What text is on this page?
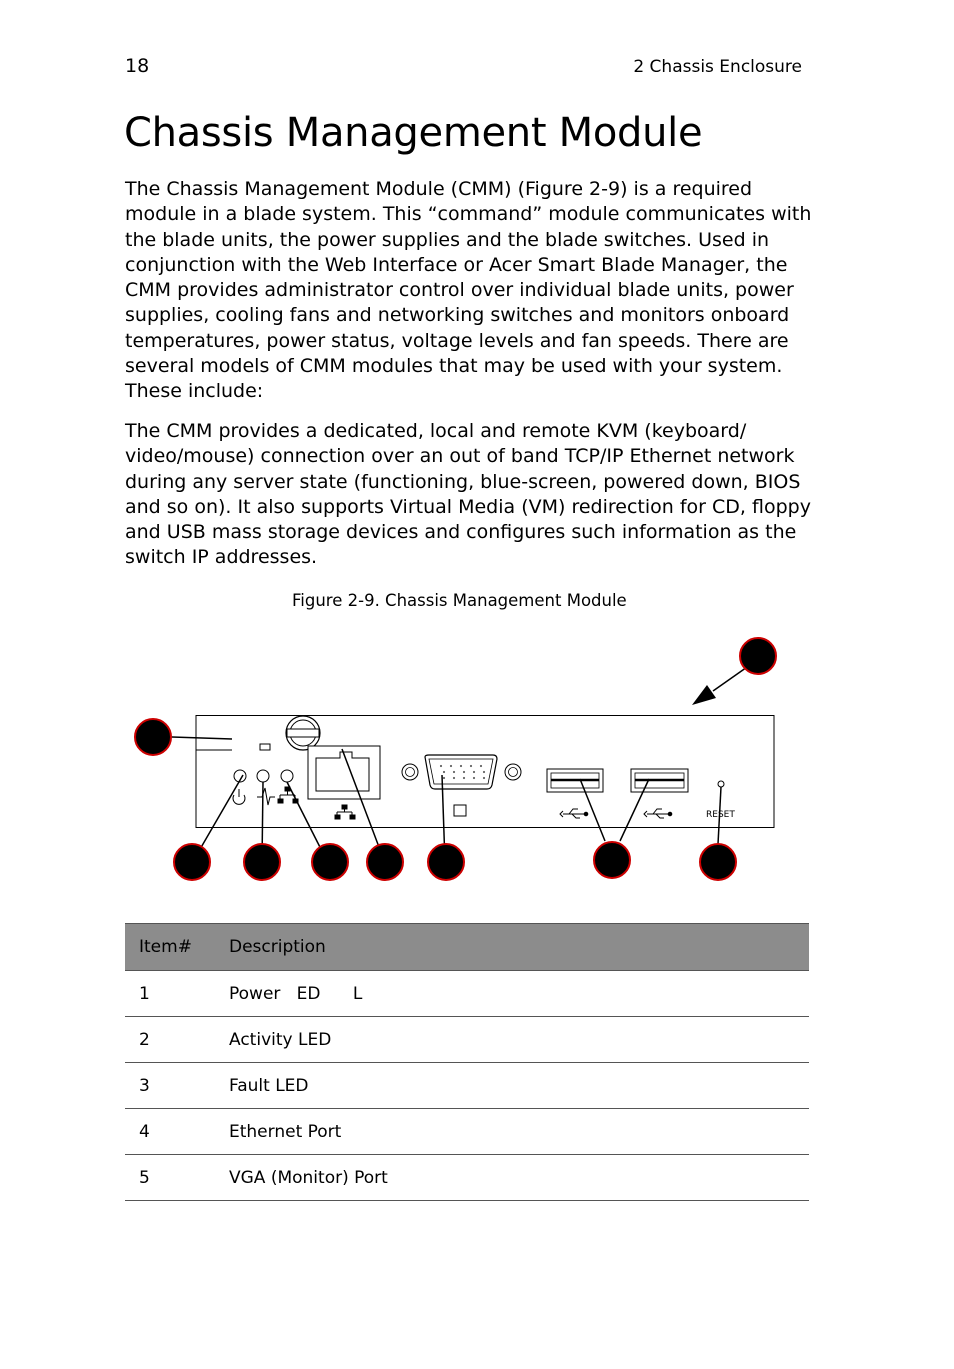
18	2 Chassis Enclosure
Chassis Management Module

The Chassis Management Module (CMM) (Figure 2-9) is a required module in a blade system. This “command” module communicates with the blade units, the power supplies and the blade switches. Used in conjunction with the Web Interface or Acer Smart Blade Manager, the CMM provides administrator control over individual blade units, power supplies, cooling fans and networking switches and monitors onboard temperatures, power status, voltage levels and fan speeds. There are several models of CMM modules that may be used with your system. These include:

The CMM provides a dedicated, local and remote KVM (keyboard/ video/mouse) connection over an out of band TCP/IP Ethernet network during any server state (functioning, blue-screen, powered down, BIOS and so on). It also supports Virtual Media (VM) redirection for CD, floppy and USB mass storage devices and configures such information as the switch IP addresses.

Figure 2-9. Chassis Management Module
RESET
Item#	Description
1	Power   ED      L
2	Activity LED
3	Fault LED
4	Ethernet Port
5	VGA (Monitor) Port
